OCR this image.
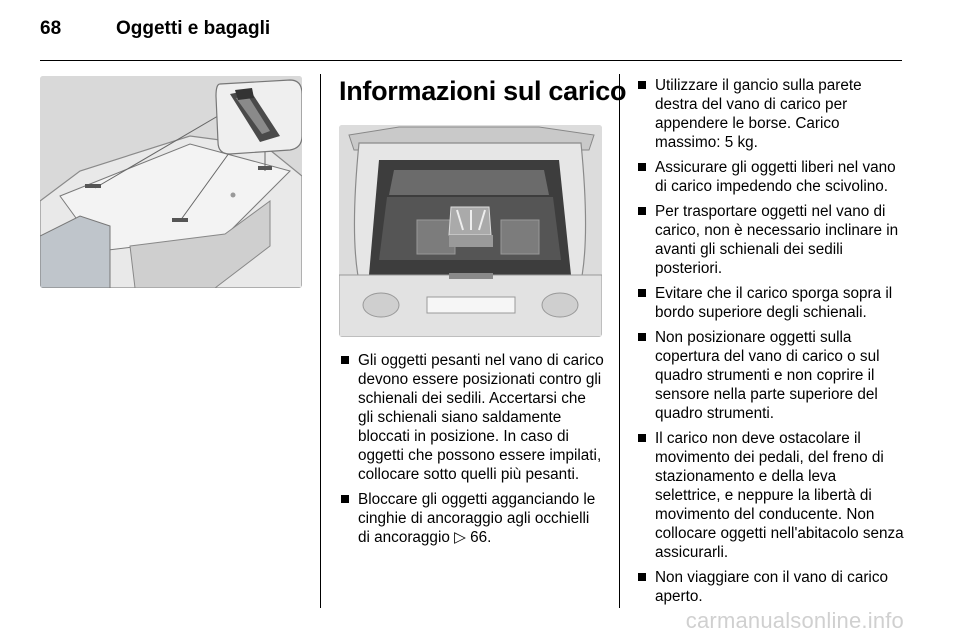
68	Oggetti e bagagli
Informazioni sul carico
Gli oggetti pesanti nel vano di carico devono essere posizionati contro gli schienali dei sedili. Accertarsi che gli schienali siano saldamente bloccati in posizione. In caso di oggetti che possono essere impilati, collocare sotto quelli più pesanti.
Bloccare gli oggetti agganciando le cinghie di ancoraggio agli occhielli di ancoraggio ▷ 66.
Utilizzare il gancio sulla parete destra del vano di carico per appendere le borse. Carico massimo: 5 kg.
Assicurare gli oggetti liberi nel vano di carico impedendo che scivolino.
Per trasportare oggetti nel vano di carico, non è necessario inclinare in avanti gli schienali dei sedili posteriori.
Evitare che il carico sporga sopra il bordo superiore degli schienali.
Non posizionare oggetti sulla copertura del vano di carico o sul quadro strumenti e non coprire il sensore nella parte superiore del quadro strumenti.
Il carico non deve ostacolare il movimento dei pedali, del freno di stazionamento e della leva selettrice, e neppure la libertà di movimento del conducente. Non collocare oggetti nell'abitacolo senza assicurarli.
Non viaggiare con il vano di carico aperto.
carmanualsonline.info
